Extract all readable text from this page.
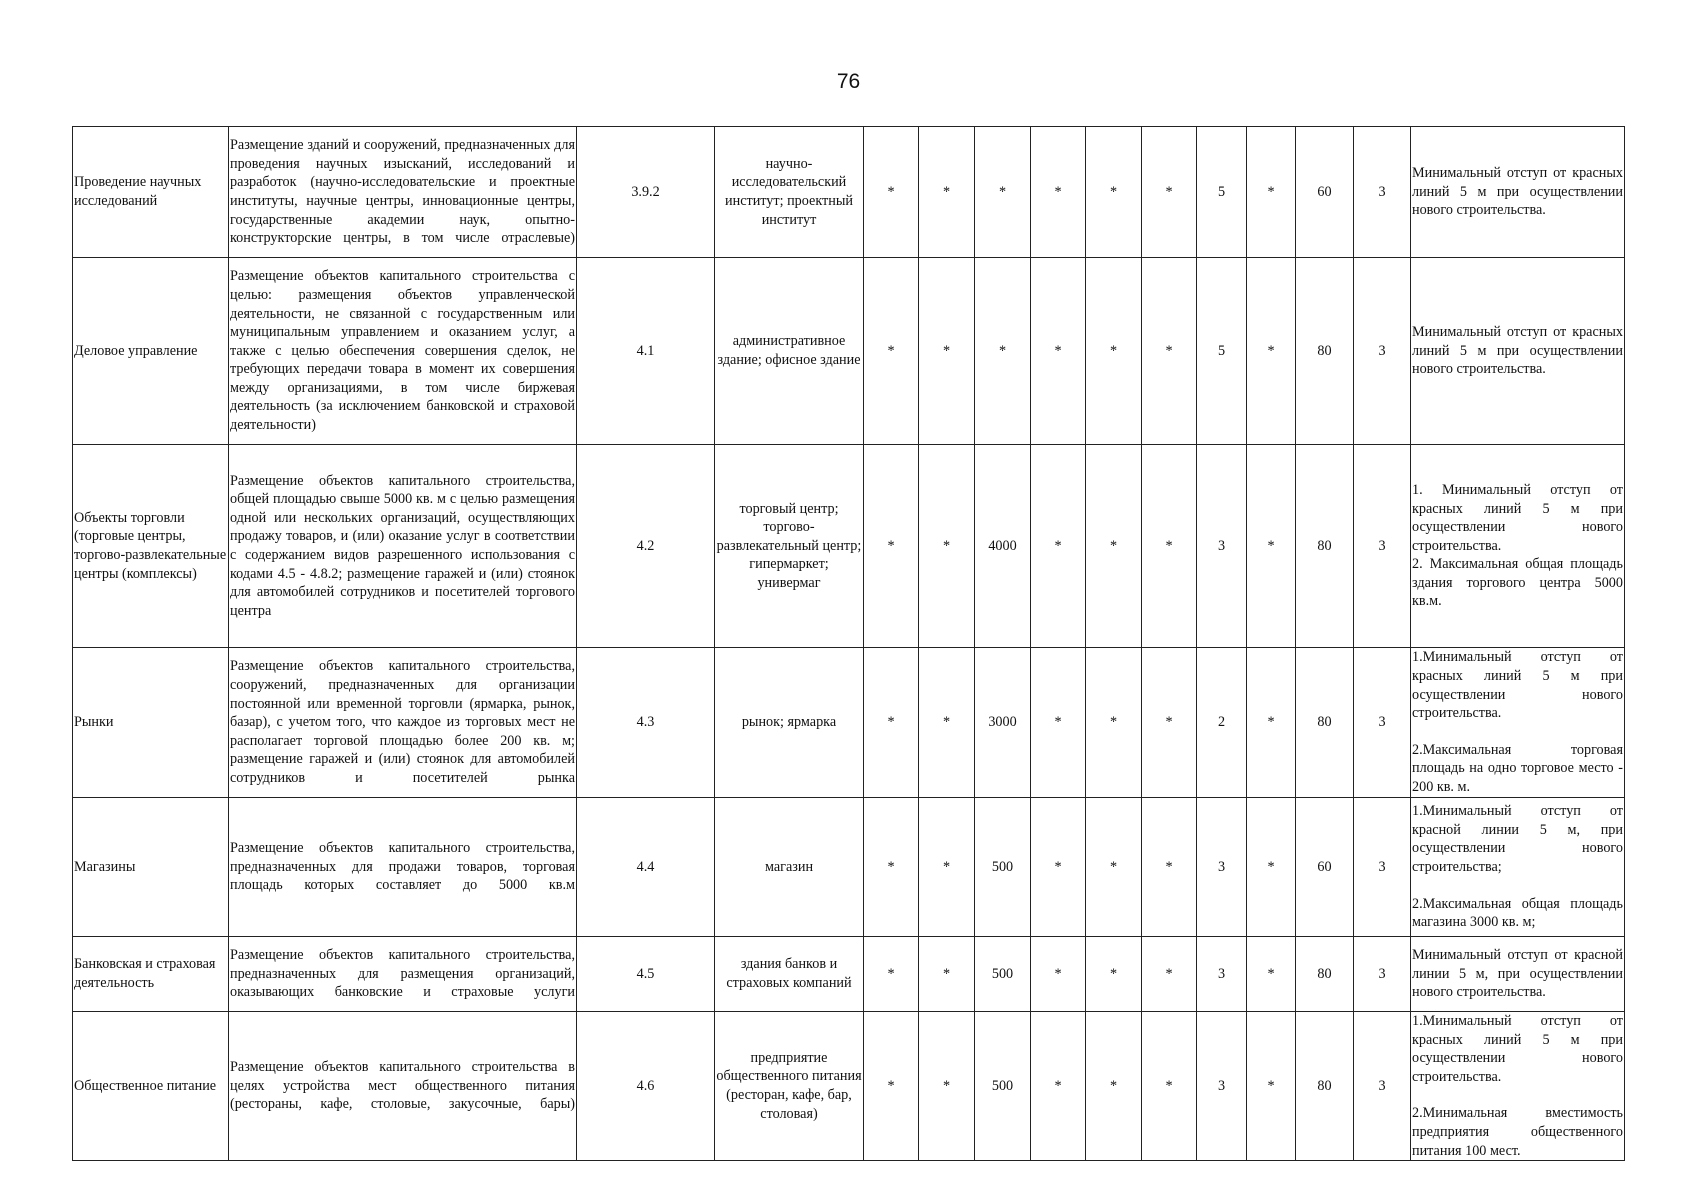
76
Проведение научных исследований	Размещение зданий и сооружений, предназначенных для проведения научных изысканий, исследований и разработок (научно-исследовательские и проектные институты, научные центры, инновационные центры, государственные академии наук, опытно-конструкторские центры, в том числе отраслевые)	3.9.2	научно-исследовательский институт; проектный институт	*	*	*	*	*	*	5	*	60	3	Минимальный отступ от красных линий 5 м при осуществлении нового строительства.

Деловое управление	Размещение объектов капитального строительства с целью: размещения объектов управленческой деятельности, не связанной с государственным или муниципальным управлением и оказанием услуг, а также с целью обеспечения совершения сделок, не требующих передачи товара в момент их совершения между организациями, в том числе биржевая деятельность (за исключением банковской и страховой деятельности)	4.1	административное здание; офисное здание	*	*	*	*	*	*	5	*	80	3	Минимальный отступ от красных линий 5 м при осуществлении нового строительства.

Объекты торговли (торговые центры, торгово-развлекательные центры (комплексы)	Размещение объектов капитального строительства, общей площадью свыше 5000 кв. м с целью размещения одной или нескольких организаций, осуществляющих продажу товаров, и (или) оказание услуг в соответствии с содержанием видов разрешенного использования с кодами 4.5 - 4.8.2; размещение гаражей и (или) стоянок для автомобилей сотрудников и посетителей торгового центра	4.2	торговый центр; торгово-развлекательный центр; гипермаркет; универмаг	*	*	4000	*	*	*	3	*	80	3	1. Минимальный отступ от красных линий 5 м при осуществлении нового строительства.
2. Максимальная общая площадь здания торгового центра 5000 кв.м.

Рынки	Размещение объектов капитального строительства, сооружений, предназначенных для организации постоянной или временной торговли (ярмарка, рынок, базар), с учетом того, что каждое из торговых мест не располагает торговой площадью более 200 кв. м; размещение гаражей и (или) стоянок для автомобилей сотрудников и посетителей рынка	4.3	рынок; ярмарка	*	*	3000	*	*	*	2	*	80	3	1.Минимальный отступ от красных линий 5 м при осуществлении нового строительства.
2.Максимальная торговая площадь на одно торговое место - 200 кв. м.

Магазины	Размещение объектов капитального строительства, предназначенных для продажи товаров, торговая площадь которых составляет до 5000 кв.м	4.4	магазин	*	*	500	*	*	*	3	*	60	3	1.Минимальный отступ от красной линии 5 м, при осуществлении нового строительства;
2.Максимальная общая площадь магазина 3000 кв. м;

Банковская и страховая деятельность	Размещение объектов капитального строительства, предназначенных для размещения организаций, оказывающих банковские и страховые услуги	4.5	здания банков и страховых компаний	*	*	500	*	*	*	3	*	80	3	Минимальный отступ от красной линии 5 м, при осуществлении нового строительства.

Общественное питание	Размещение объектов капитального строительства в целях устройства мест общественного питания (рестораны, кафе, столовые, закусочные, бары)	4.6	предприятие общественного питания (ресторан, кафе, бар, столовая)	*	*	500	*	*	*	3	*	80	3	1.Минимальный отступ от красных линий 5 м при осуществлении нового строительства.
2.Минимальная вместимость предприятия общественного питания 100 мест.
